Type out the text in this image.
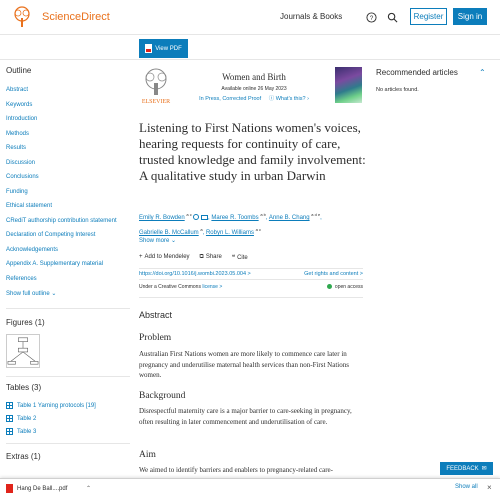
ScienceDirect	Journals & Books	?	Register	Sign in
View PDF
Outline
Abstract
Keywords
Introduction
Methods
Results
Discussion
Conclusions
Funding
Ethical statement
CRediT authorship contribution statement
Declaration of Competing Interest
Acknowledgements
Appendix A. Supplementary material
References
Show full outline ⌄
Figures (1)
Tables (3)
Table 1 Yarning protocols [19]
Table 2
Table 3
Extras (1)
ELSEVIER
Women and Birth
Available online 26 May 2023
In Press, Corrected Proof ⓘ What's this? ›
Listening to First Nations women's voices, hearing requests for continuity of care, trusted knowledge and family involvement: A qualitative study in urban Darwin
Emily R. Bowden $^{a c}$  , Maree R. Toombs $^{a b}$, Anne B. Chang $^{a d e}$,
Gabrielle B. McCallum $^a$, Robyn L. Williams $^{a c}$
Show more ⌄
+ Add to Mendeley ⧉ Share ❝ Cite
https://doi.org/10.1016/j.wombi.2023.05.004 >	Get rights and content >
Under a Creative Commons license >	open access
Abstract
Problem

Australian First Nations women are more likely to commence care later in pregnancy and underutilise maternal health services than non-First Nations women.

Background

Disrespectful maternity care is a major barrier to care-seeking in pregnancy, often resulting in later commencement and underutilisation of care.

Aim

We aimed to identify barriers and enablers to pregnancy-related care-

Recommended articles	⌃
No articles found.
FEEDBACK ✉
Hang De Ball....pdf	⌃	Show all ×
